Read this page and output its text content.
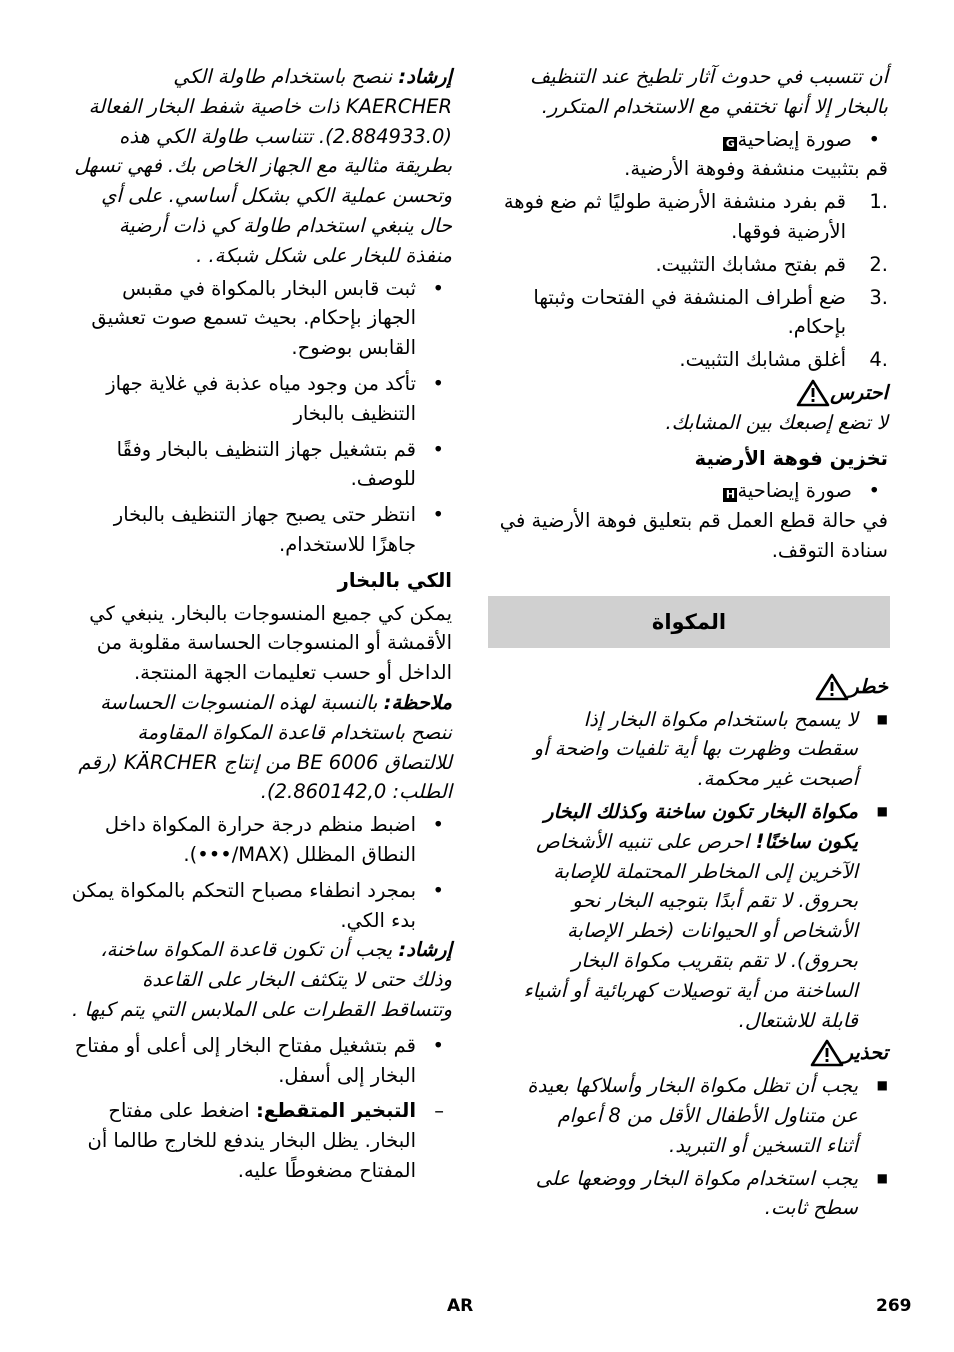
أن تتسبب في حدوث آثار تلطيخ عند التنظيف بالبخار إلا أنها تختفي مع الاستخدام المتكرر.

• صورة إيضاحيةG

قم بتثبيت منشفة وفوهة الأرضية.

1.
قم بفرد منشفة الأرضية طوليًا ثم ضع فوهة الأرضية فوقها.
2.
قم بفتح مشابك التثبيت.
3.
ضع أطراف المنشفة في الفتحات وثبتها بإحكام.
4.
أغلق مشابك التثبيت.
احترس

لا تضع إصبعك بين المشابك.

تخزين فوهة الأرضية

• صورة إيضاحيةH

في حالة قطع العمل قم بتعليق فوهة الأرضية في سنادة التوقف.

المكواة
خطر
■ لا يسمح باستخدام مكواة البخار إذا سقطت وظهرت بها أية تلفيات واضحة أو أصبحت غير محكمة.
■ مكواة البخار تكون ساخنة وكذلك البخار يكون ساخنًا! احرص على تنبيه الأشخاص الآخرين إلى المخاطر المحتملة للإصابة بحروق. لا تقم أبدًا بتوجيه البخار نحو الأشخاص أو الحيوانات (خطر الإصابة بحروق). لا تقم بتقريب مكواة البخار الساخنة من أية توصيلات كهربائية أو أشياء قابلة للاشتعال.
تحذير
■ يجب أن تظل مكواة البخار وأسلاكها بعيدة عن متناول الأطفال الأقل من 8 أعوام أثناء التسخين أو التبريد.
■ يجب استخدام مكواة البخار ووضعها على سطح ثابت.

إرشاد: ننصح باستخدام طاولة الكي KAERCHER ذات خاصية شفط البخار الفعالة (2.884933.0). تتناسب طاولة الكي هذه بطريقة مثالية مع الجهاز الخاص بك. فهي تسهل وتحسن عملية الكي بشكل أساسي. على أي حال ينبغي استخدام طاولة كي ذات أرضية منفذة للبخار على شكل شبكة. .

• ثبت قابس البخار بالمكواة في مقبس الجهاز بإحكام. بحيث تسمع صوت تعشيق القابس بوضوح.
• تأكد من وجود مياه عذبة في غلاية جهاز التنظيف بالبخار
• قم بتشغيل جهاز التنظيف بالبخار وفقًا للوصف.
• انتظر حتى يصبح جهاز التنظيف بالبخار جاهزًا للاستخدام.

الكي بالبخار

يمكن كي جميع المنسوجات بالبخار. ينبغي كي الأقمشة أو المنسوجات الحساسة مقلوبة من الداخل أو حسب تعليمات الجهة المنتجة.

ملاحظة: بالنسبة لهذه المنسوجات الحساسة ننصح باستخدام قاعدة المكواة المقاومة للالتصاق BE 6006 من إنتاج KÄRCHER (رقم الطلب: 2.860142,0).

• اضبط منظم درجة حرارة المكواة داخل النطاق المظلل (MAX/•••).
• بمجرد انطفاء مصباح التحكم بالمكواة يمكن بدء الكي.

إرشاد: يجب أن تكون قاعدة المكواة ساخنة، وذلك حتى لا يتكثف البخار على القاعدة وتتساقط القطرات على الملابس التي يتم كيها .

• قم بتشغيل مفتاح البخار إلى أعلى أو مفتاح البخار إلى أسفل.
– التبخير المتقطع: اضغط على مفتاح البخار. يظل البخار يندفع للخارج طالما أن المفتاح مضغوطًا عليه.
AR	269
